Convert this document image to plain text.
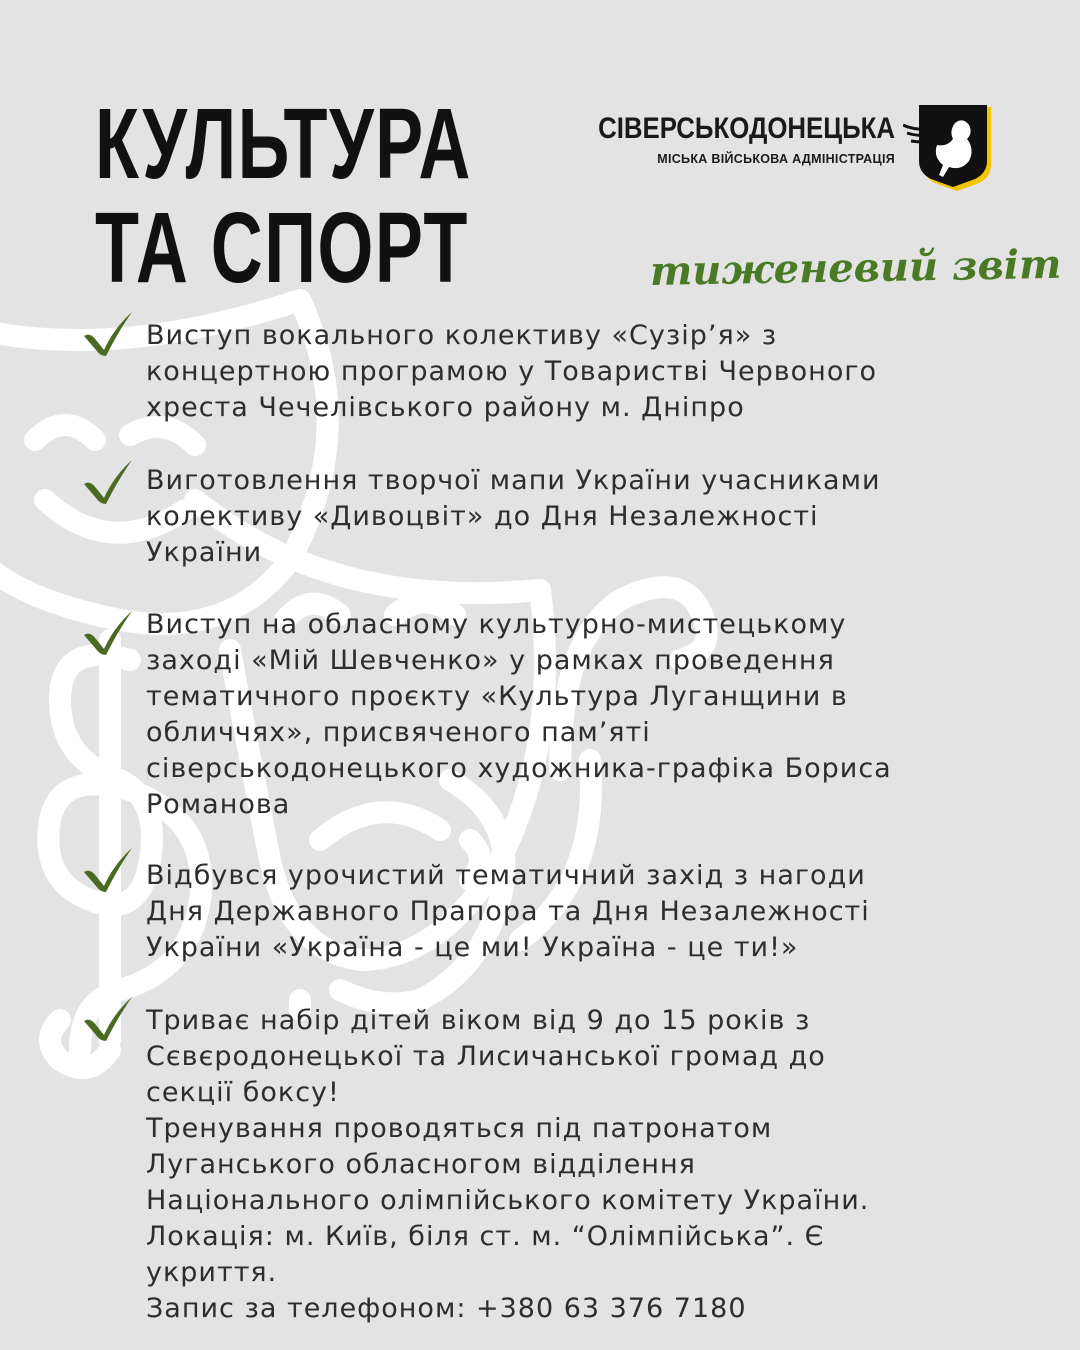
КУЛЬТУРА
ТА СПОРТ
СІВЕРСЬКОДОНЕЦЬКА
МІСЬКА ВІЙСЬКОВА АДМІНІСТРАЦІЯ
тиженевий звіт

Виступ вокального колективу «Сузір’я» з
концертною програмою у Товаристві Червоного
хреста Чечелівського району м. Дніпро

Виготовлення творчої мапи України учасниками
колективу «Дивоцвіт» до Дня Незалежності
України

Виступ на обласному культурно-мистецькому
заході «Мій Шевченко» у рамках проведення
тематичного проєкту «Культура Луганщини в
обличчях», присвяченого пам’яті
сіверськодонецького художника-графіка Бориса
Романова

Відбувся урочистий тематичний захід з нагоди
Дня Державного Прапора та Дня Незалежності
України «Україна - це ми! Україна - це ти!»

Триває набір дітей віком від 9 до 15 років з
Сєвєродонецької та Лисичанської громад до
секції боксу!
Тренування проводяться під патронатом
Луганського обласногом відділення
Національного олімпійського комітету України.
Локація: м. Київ, біля ст. м. “Олімпійська”. Є
укриття.
Запис за телефоном: +380 63 376 7180
